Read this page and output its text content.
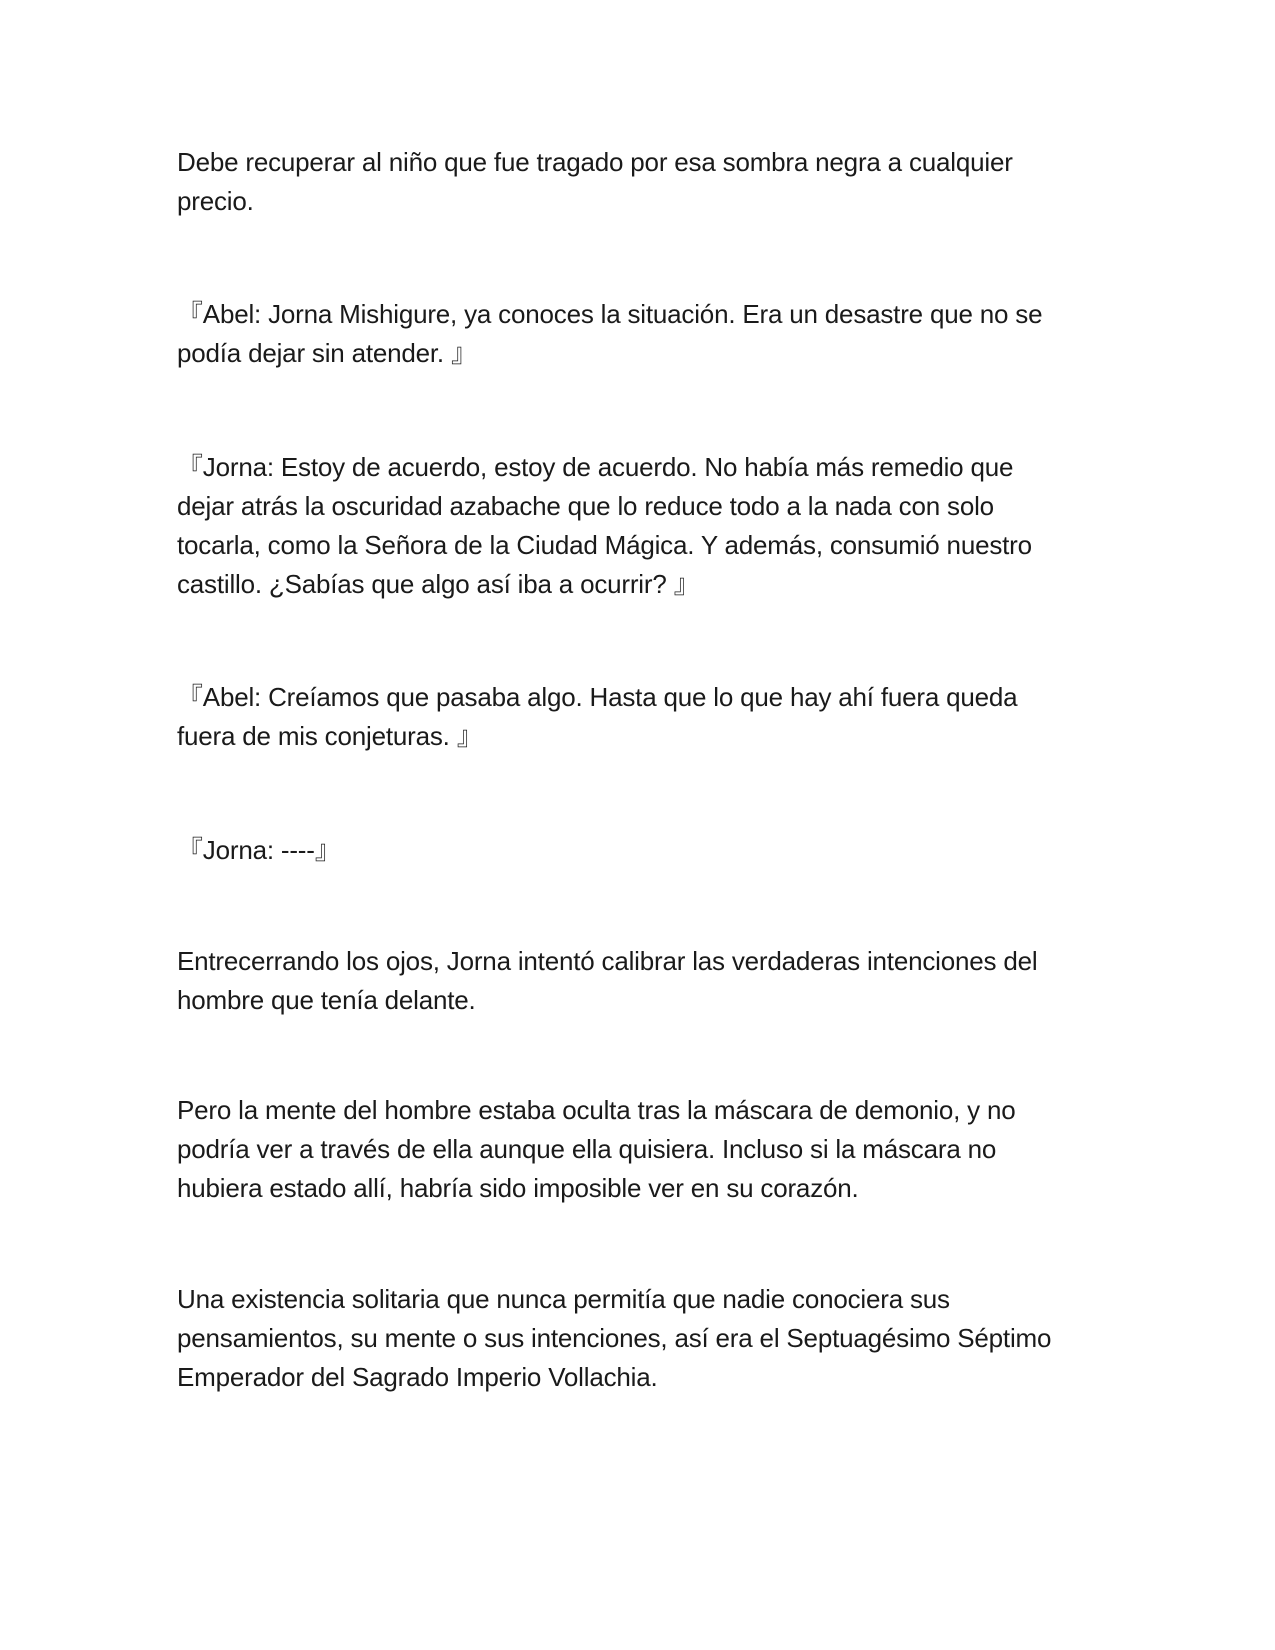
Debe recuperar al niño que fue tragado por esa sombra negra a cualquier
precio.

『Abel: Jorna Mishigure, ya conoces la situación. Era un desastre que no se
podía dejar sin atender. 』

『Jorna: Estoy de acuerdo, estoy de acuerdo. No había más remedio que
dejar atrás la oscuridad azabache que lo reduce todo a la nada con solo
tocarla, como la Señora de la Ciudad Mágica. Y además, consumió nuestro
castillo. ¿Sabías que algo así iba a ocurrir? 』

『Abel: Creíamos que pasaba algo. Hasta que lo que hay ahí fuera queda
fuera de mis conjeturas. 』

『Jorna: ----』

Entrecerrando los ojos, Jorna intentó calibrar las verdaderas intenciones del
hombre que tenía delante.

Pero la mente del hombre estaba oculta tras la máscara de demonio, y no
podría ver a través de ella aunque ella quisiera. Incluso si la máscara no
hubiera estado allí, habría sido imposible ver en su corazón.

Una existencia solitaria que nunca permitía que nadie conociera sus
pensamientos, su mente o sus intenciones, así era el Septuagésimo Séptimo
Emperador del Sagrado Imperio Vollachia.
